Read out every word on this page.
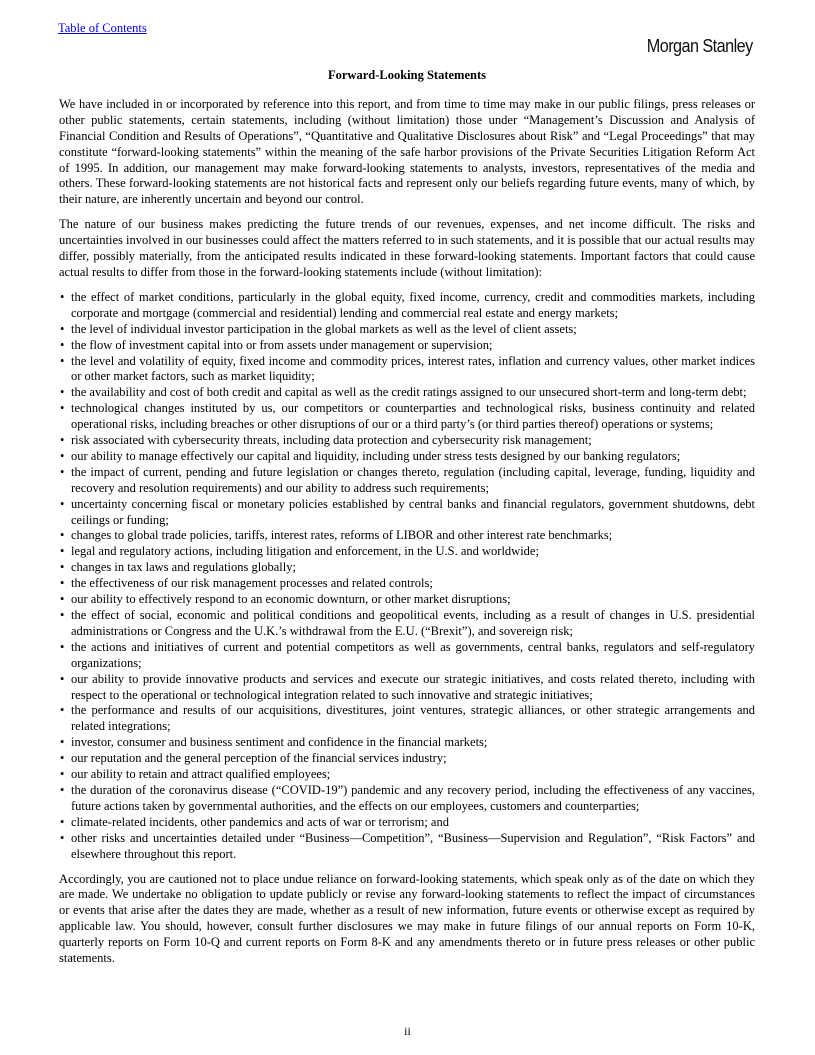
Table of Contents
Morgan Stanley
Forward-Looking Statements

We have included in or incorporated by reference into this report, and from time to time may make in our public filings, press releases or other public statements, certain statements, including (without limitation) those under “Management’s Discussion and Analysis of Financial Condition and Results of Operations”, “Quantitative and Qualitative Disclosures about Risk” and “Legal Proceedings” that may constitute “forward-looking statements” within the meaning of the safe harbor provisions of the Private Securities Litigation Reform Act of 1995. In addition, our management may make forward-looking statements to analysts, investors, representatives of the media and others. These forward-looking statements are not historical facts and represent only our beliefs regarding future events, many of which, by their nature, are inherently uncertain and beyond our control.

The nature of our business makes predicting the future trends of our revenues, expenses, and net income difficult. The risks and uncertainties involved in our businesses could affect the matters referred to in such statements, and it is possible that our actual results may differ, possibly materially, from the anticipated results indicated in these forward-looking statements. Important factors that could cause actual results to differ from those in the forward-looking statements include (without limitation):

• the effect of market conditions, particularly in the global equity, fixed income, currency, credit and commodities markets, including corporate and mortgage (commercial and residential) lending and commercial real estate and energy markets;
• the level of individual investor participation in the global markets as well as the level of client assets;
• the flow of investment capital into or from assets under management or supervision;
• the level and volatility of equity, fixed income and commodity prices, interest rates, inflation and currency values, other market indices or other market factors, such as market liquidity;
• the availability and cost of both credit and capital as well as the credit ratings assigned to our unsecured short-term and long-term debt;
• technological changes instituted by us, our competitors or counterparties and technological risks, business continuity and related operational risks, including breaches or other disruptions of our or a third party’s (or third parties thereof) operations or systems;
• risk associated with cybersecurity threats, including data protection and cybersecurity risk management;
• our ability to manage effectively our capital and liquidity, including under stress tests designed by our banking regulators;
• the impact of current, pending and future legislation or changes thereto, regulation (including capital, leverage, funding, liquidity and recovery and resolution requirements) and our ability to address such requirements;
• uncertainty concerning fiscal or monetary policies established by central banks and financial regulators, government shutdowns, debt ceilings or funding;
• changes to global trade policies, tariffs, interest rates, reforms of LIBOR and other interest rate benchmarks;
• legal and regulatory actions, including litigation and enforcement, in the U.S. and worldwide;
• changes in tax laws and regulations globally;
• the effectiveness of our risk management processes and related controls;
• our ability to effectively respond to an economic downturn, or other market disruptions;
• the effect of social, economic and political conditions and geopolitical events, including as a result of changes in U.S. presidential administrations or Congress and the U.K.’s withdrawal from the E.U. (“Brexit”), and sovereign risk;
• the actions and initiatives of current and potential competitors as well as governments, central banks, regulators and self-regulatory organizations;
• our ability to provide innovative products and services and execute our strategic initiatives, and costs related thereto, including with respect to the operational or technological integration related to such innovative and strategic initiatives;
• the performance and results of our acquisitions, divestitures, joint ventures, strategic alliances, or other strategic arrangements and related integrations;
• investor, consumer and business sentiment and confidence in the financial markets;
• our reputation and the general perception of the financial services industry;
• our ability to retain and attract qualified employees;
• the duration of the coronavirus disease (“COVID-19”) pandemic and any recovery period, including the effectiveness of any vaccines, future actions taken by governmental authorities, and the effects on our employees, customers and counterparties;
• climate-related incidents, other pandemics and acts of war or terrorism; and
• other risks and uncertainties detailed under “Business—Competition”, “Business—Supervision and Regulation”, “Risk Factors” and elsewhere throughout this report.

Accordingly, you are cautioned not to place undue reliance on forward-looking statements, which speak only as of the date on which they are made. We undertake no obligation to update publicly or revise any forward-looking statements to reflect the impact of circumstances or events that arise after the dates they are made, whether as a result of new information, future events or otherwise except as required by applicable law. You should, however, consult further disclosures we may make in future filings of our annual reports on Form 10-K, quarterly reports on Form 10-Q and current reports on Form 8-K and any amendments thereto or in future press releases or other public statements.

ii
